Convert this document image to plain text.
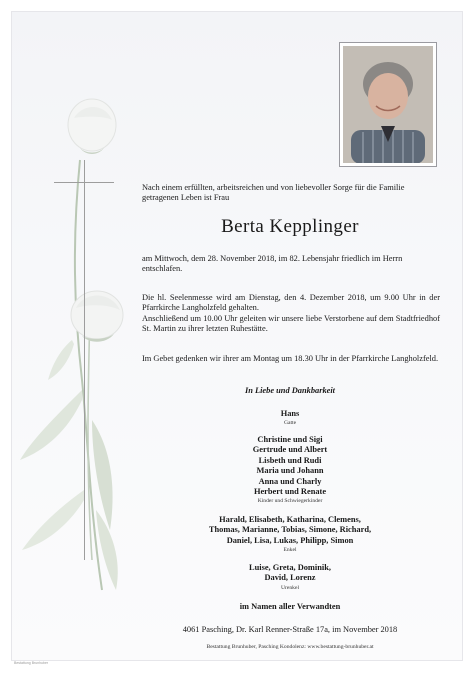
Nach einem erfüllten, arbeitsreichen und von liebevoller Sorge für die Familie getragenen Leben ist Frau
Berta Kepplinger
am Mittwoch, dem 28. November 2018, im 82. Lebensjahr friedlich im Herrn entschlafen.
Die hl. Seelenmesse wird am Dienstag, den 4. Dezember 2018, um 9.00 Uhr in der Pfarrkirche Langholzfeld gehalten.
Anschließend um 10.00 Uhr geleiten wir unsere liebe Verstorbene auf dem Stadtfriedhof St. Martin zu ihrer letzten Ruhestätte.
Im Gebet gedenken wir ihrer am Montag um 18.30 Uhr in der Pfarrkirche Langholzfeld.
In Liebe und Dankbarkeit
Hans
Gatte
Christine und Sigi
Gertrude und Albert
Lisbeth und Rudi
Maria und Johann
Anna und Charly
Herbert und Renate
Kinder und Schwiegerkinder
Harald, Elisabeth, Katharina, Clemens,
Thomas, Marianne, Tobias, Simone, Richard,
Daniel, Lisa, Lukas, Philipp, Simon
Enkel
Luise, Greta, Dominik,
David, Lorenz
Urenkel
im Namen aller Verwandten
4061 Pasching, Dr. Karl Renner-Straße 17a, im November 2018
Bestattung Brunhuber, Pasching Kondolenz: www.bestattung-brunhuber.at
Bestattung Brunhuber
